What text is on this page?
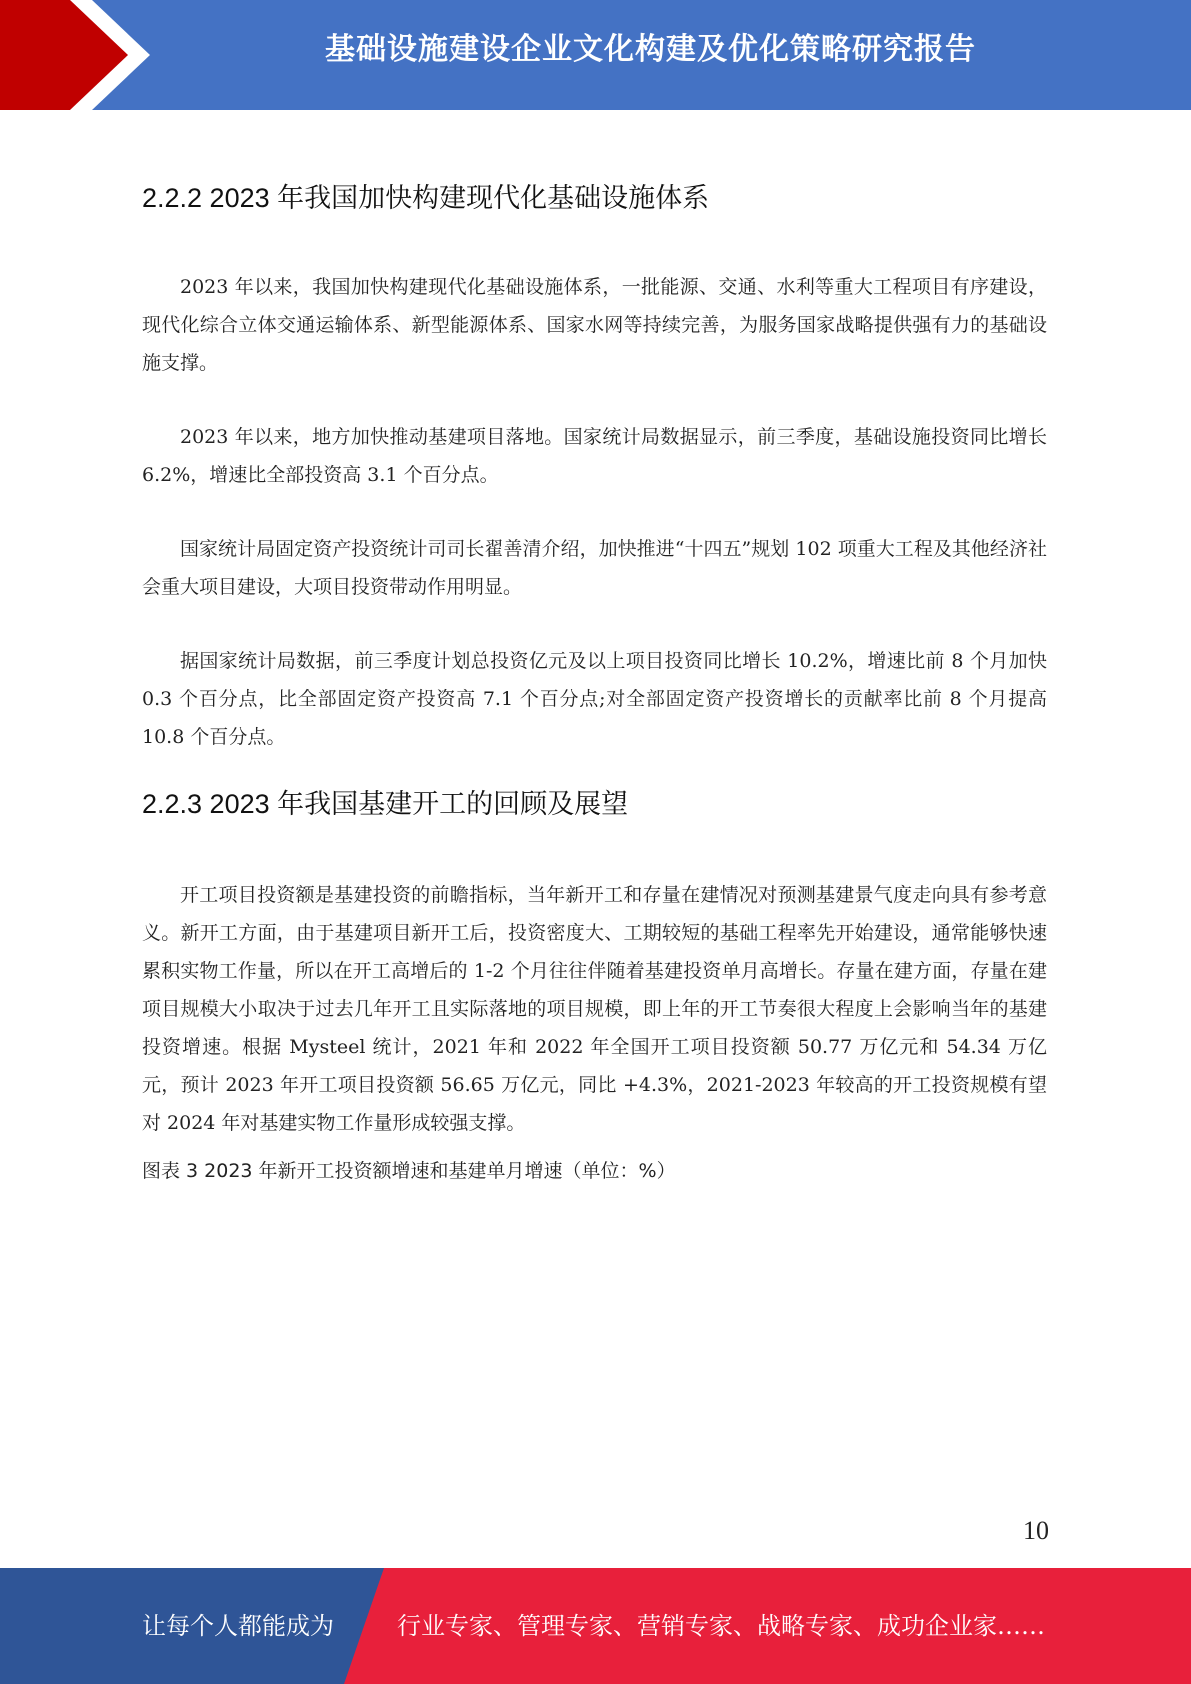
基础设施建设企业文化构建及优化策略研究报告
2.2.2 2023 年我国加快构建现代化基础设施体系

2023 年以来，我国加快构建现代化基础设施体系，一批能源、交通、水利等重大工程项目有序建设，现代化综合立体交通运输体系、新型能源体系、国家水网等持续完善，为服务国家战略提供强有力的基础设施支撑。

2023 年以来，地方加快推动基建项目落地。国家统计局数据显示，前三季度，基础设施投资同比增长 6.2%，增速比全部投资高 3.1 个百分点。

国家统计局固定资产投资统计司司长翟善清介绍，加快推进“十四五”规划 102 项重大工程及其他经济社会重大项目建设，大项目投资带动作用明显。

据国家统计局数据，前三季度计划总投资亿元及以上项目投资同比增长 10.2%，增速比前 8 个月加快 0.3 个百分点，比全部固定资产投资高 7.1 个百分点;对全部固定资产投资增长的贡献率比前 8 个月提高 10.8 个百分点。

2.2.3 2023 年我国基建开工的回顾及展望

开工项目投资额是基建投资的前瞻指标，当年新开工和存量在建情况对预测基建景气度走向具有参考意义。新开工方面，由于基建项目新开工后，投资密度大、工期较短的基础工程率先开始建设，通常能够快速累积实物工作量，所以在开工高增后的 1-2 个月往往伴随着基建投资单月高增长。存量在建方面，存量在建项目规模大小取决于过去几年开工且实际落地的项目规模，即上年的开工节奏很大程度上会影响当年的基建投资增速。根据 Mysteel 统计，2021 年和 2022 年全国开工项目投资额 50.77 万亿元和 54.34 万亿元，预计 2023 年开工项目投资额 56.65 万亿元，同比 +4.3%，2021-2023 年较高的开工投资规模有望对 2024 年对基建实物工作量形成较强支撑。

图表 3 2023 年新开工投资额增速和基建单月增速（单位：%）

10
让每个人都能成为	行业专家、管理专家、营销专家、战略专家、成功企业家……
